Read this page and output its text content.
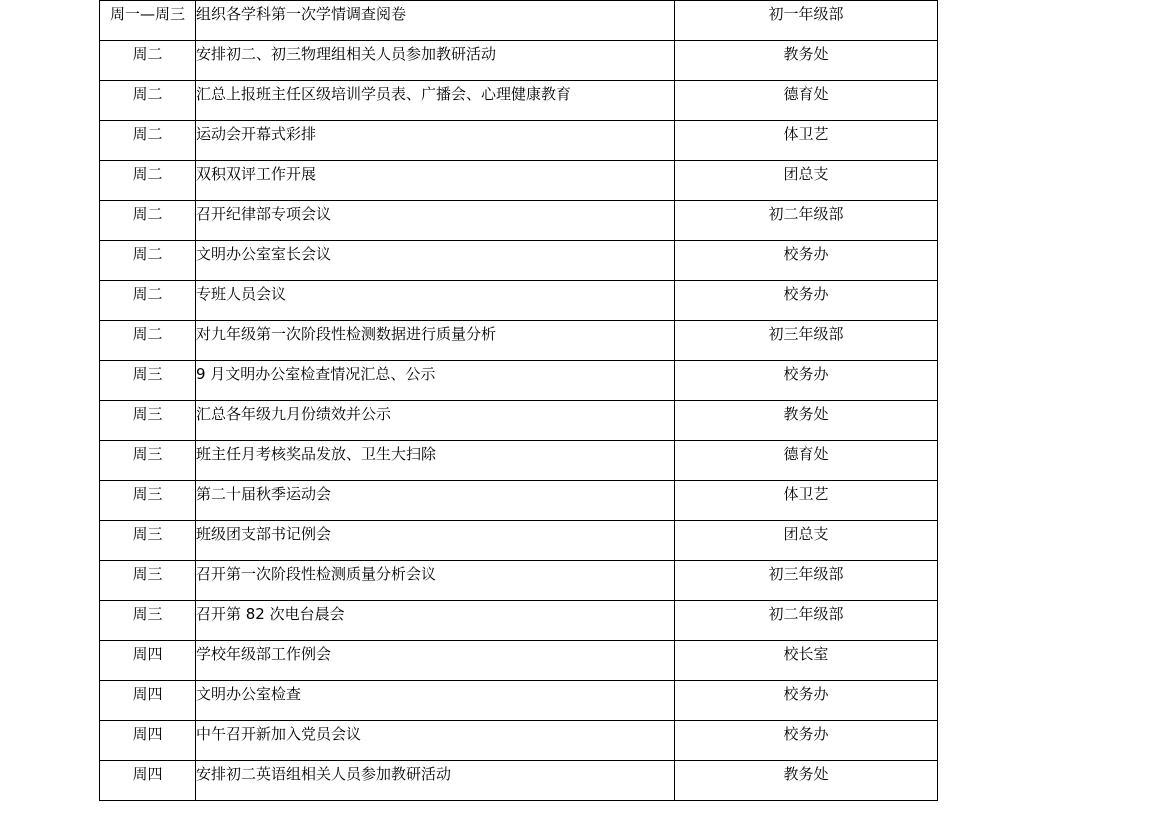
周一—周三	组织各学科第一次学情调查阅卷	初一年级部
周二	安排初二、初三物理组相关人员参加教研活动	教务处
周二	汇总上报班主任区级培训学员表、广播会、心理健康教育	德育处
周二	运动会开幕式彩排	体卫艺
周二	双积双评工作开展	团总支
周二	召开纪律部专项会议	初二年级部
周二	文明办公室室长会议	校务办
周二	专班人员会议	校务办
周二	对九年级第一次阶段性检测数据进行质量分析	初三年级部
周三	9 月文明办公室检查情况汇总、公示	校务办
周三	汇总各年级九月份绩效并公示	教务处
周三	班主任月考核奖品发放、卫生大扫除	德育处
周三	第二十届秋季运动会	体卫艺
周三	班级团支部书记例会	团总支
周三	召开第一次阶段性检测质量分析会议	初三年级部
周三	召开第 82 次电台晨会	初二年级部
周四	学校年级部工作例会	校长室
周四	文明办公室检查	校务办
周四	中午召开新加入党员会议	校务办
周四	安排初二英语组相关人员参加教研活动	教务处
